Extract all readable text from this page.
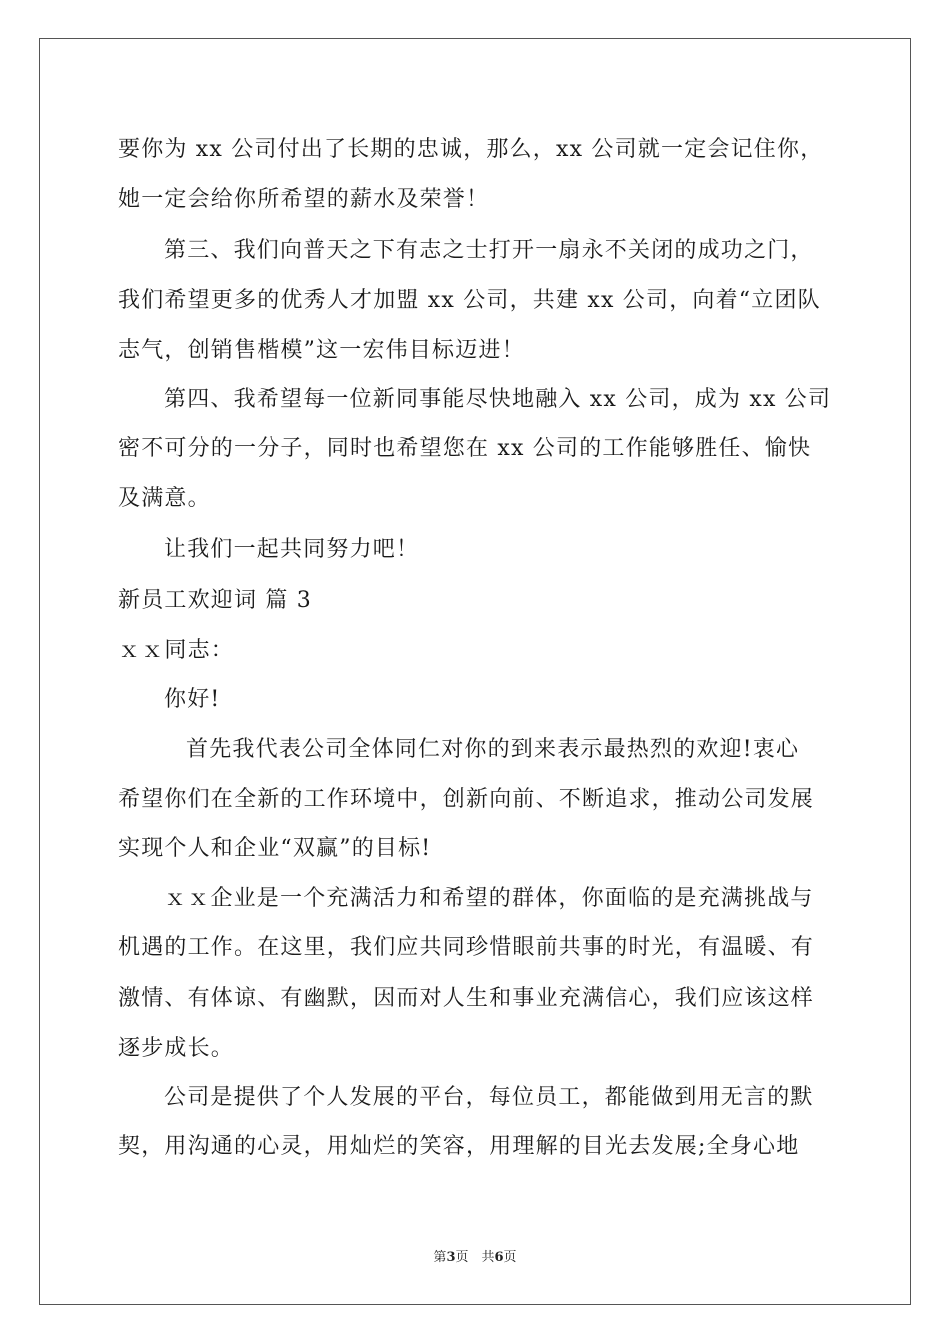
要你为 xx 公司付出了长期的忠诚，那么，xx 公司就一定会记住你，
她一定会给你所希望的薪水及荣誉！
第三、我们向普天之下有志之士打开一扇永不关闭的成功之门，
我们希望更多的优秀人才加盟 xx 公司，共建 xx 公司，向着“立团队
志气，创销售楷模”这一宏伟目标迈进！
第四、我希望每一位新同事能尽快地融入 xx 公司，成为 xx 公司
密不可分的一分子，同时也希望您在 xx 公司的工作能够胜任、愉快
及满意。
让我们一起共同努力吧！
新员工欢迎词 篇 3
ｘｘ同志：
你好!
首先我代表公司全体同仁对你的到来表示最热烈的欢迎!衷心
希望你们在全新的工作环境中，创新向前、不断追求，推动公司发展
实现个人和企业“双赢”的目标!
ｘｘ企业是一个充满活力和希望的群体，你面临的是充满挑战与
机遇的工作。在这里，我们应共同珍惜眼前共事的时光，有温暖、有
激情、有体谅、有幽默，因而对人生和事业充满信心，我们应该这样
逐步成长。
公司是提供了个人发展的平台，每位员工，都能做到用无言的默
契，用沟通的心灵，用灿烂的笑容，用理解的目光去发展;全身心地
第3页　共6页
